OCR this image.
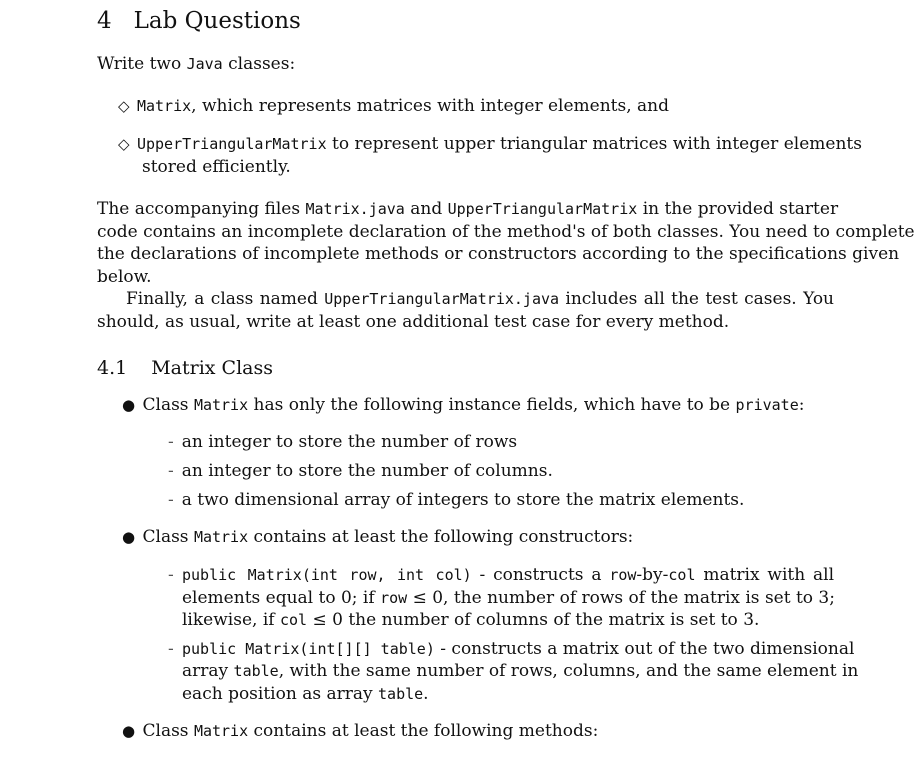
4 Lab Questions
Write two Java classes:
◇ Matrix, which represents matrices with integer elements, and
◇ UpperTriangularMatrix to represent upper triangular matrices with integer elements
stored efficiently.
The accompanying files Matrix.java and UpperTriangularMatrix in the provided starter
code contains an incomplete declaration of the method's of both classes. You need to complete
the declarations of incomplete methods or constructors according to the specifications given
below.
Finally, a class named UpperTriangularMatrix.java includes all the test cases. You
should, as usual, write at least one additional test case for every method.
4.1 Matrix Class
● Class Matrix has only the following instance fields, which have to be private:
- an integer to store the number of rows
- an integer to store the number of columns.
- a two dimensional array of integers to store the matrix elements.
● Class Matrix contains at least the following constructors:
- public Matrix(int row, int col) - constructs a row-by-col matrix with all
elements equal to 0; if row ≤ 0, the number of rows of the matrix is set to 3;
likewise, if col ≤ 0 the number of columns of the matrix is set to 3.
- public Matrix(int[][] table) - constructs a matrix out of the two dimensional
array table, with the same number of rows, columns, and the same element in
each position as array table.
● Class Matrix contains at least the following methods:
